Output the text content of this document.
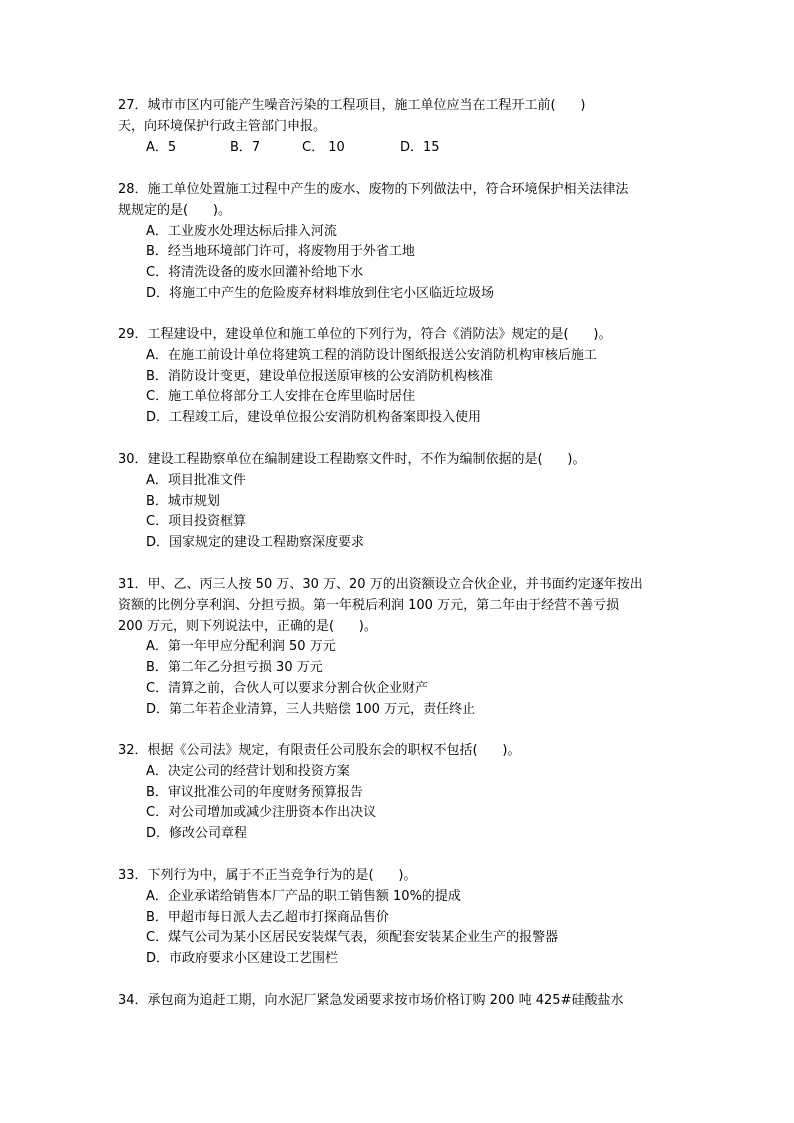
27．城市市区内可能产生噪音污染的工程项目，施工单位应当在工程开工前(      )
天，向环境保护行政主管部门申报。

A．5	B．7	C． 10	D．15

28．施工单位处置施工过程中产生的废水、废物的下列做法中，符合环境保护相关法律法
规规定的是(      )。

A．工业废水处理达标后排入河流
B．经当地环境部门许可，将废物用于外省工地
C．将清洗设备的废水回灌补给地下水
D．将施工中产生的危险废弃材料堆放到住宅小区临近垃圾场

29．工程建设中，建设单位和施工单位的下列行为，符合《消防法》规定的是(      )。

A．在施工前设计单位将建筑工程的消防设计图纸报送公安消防机构审核后施工
B．消防设计变更，建设单位报送原审核的公安消防机构核准
C．施工单位将部分工人安排在仓库里临时居住
D．工程竣工后，建设单位报公安消防机构备案即投入使用

30．建设工程勘察单位在编制建设工程勘察文件时，不作为编制依据的是(      )。

A．项目批准文件
B．城市规划
C．项目投资框算
D．国家规定的建设工程勘察深度要求

31．甲、乙、丙三人按 50 万、30 万、20 万的出资额设立合伙企业，并书面约定逐年按出
资额的比例分享利润、分担亏损。第一年税后利润 100 万元，第二年由于经营不善亏损
200 万元，则下列说法中，正确的是(      )。

A．第一年甲应分配利润 50 万元
B．第二年乙分担亏损 30 万元
C．清算之前，合伙人可以要求分割合伙企业财产
D．第二年若企业清算，三人共赔偿 100 万元，责任终止

32．根据《公司法》规定，有限责任公司股东会的职权不包括(      )。

A．决定公司的经营计划和投资方案
B．审议批准公司的年度财务预算报告
C．对公司增加或减少注册资本作出决议
D．修改公司章程

33．下列行为中，属于不正当竞争行为的是(      )。

A．企业承诺给销售本厂产品的职工销售额 10%的提成
B．甲超市每日派人去乙超市打探商品售价
C．煤气公司为某小区居民安装煤气表，须配套安装某企业生产的报警器
D．市政府要求小区建设工艺围栏

34．承包商为追赶工期，向水泥厂紧急发函要求按市场价格订购 200 吨 425#硅酸盐水
